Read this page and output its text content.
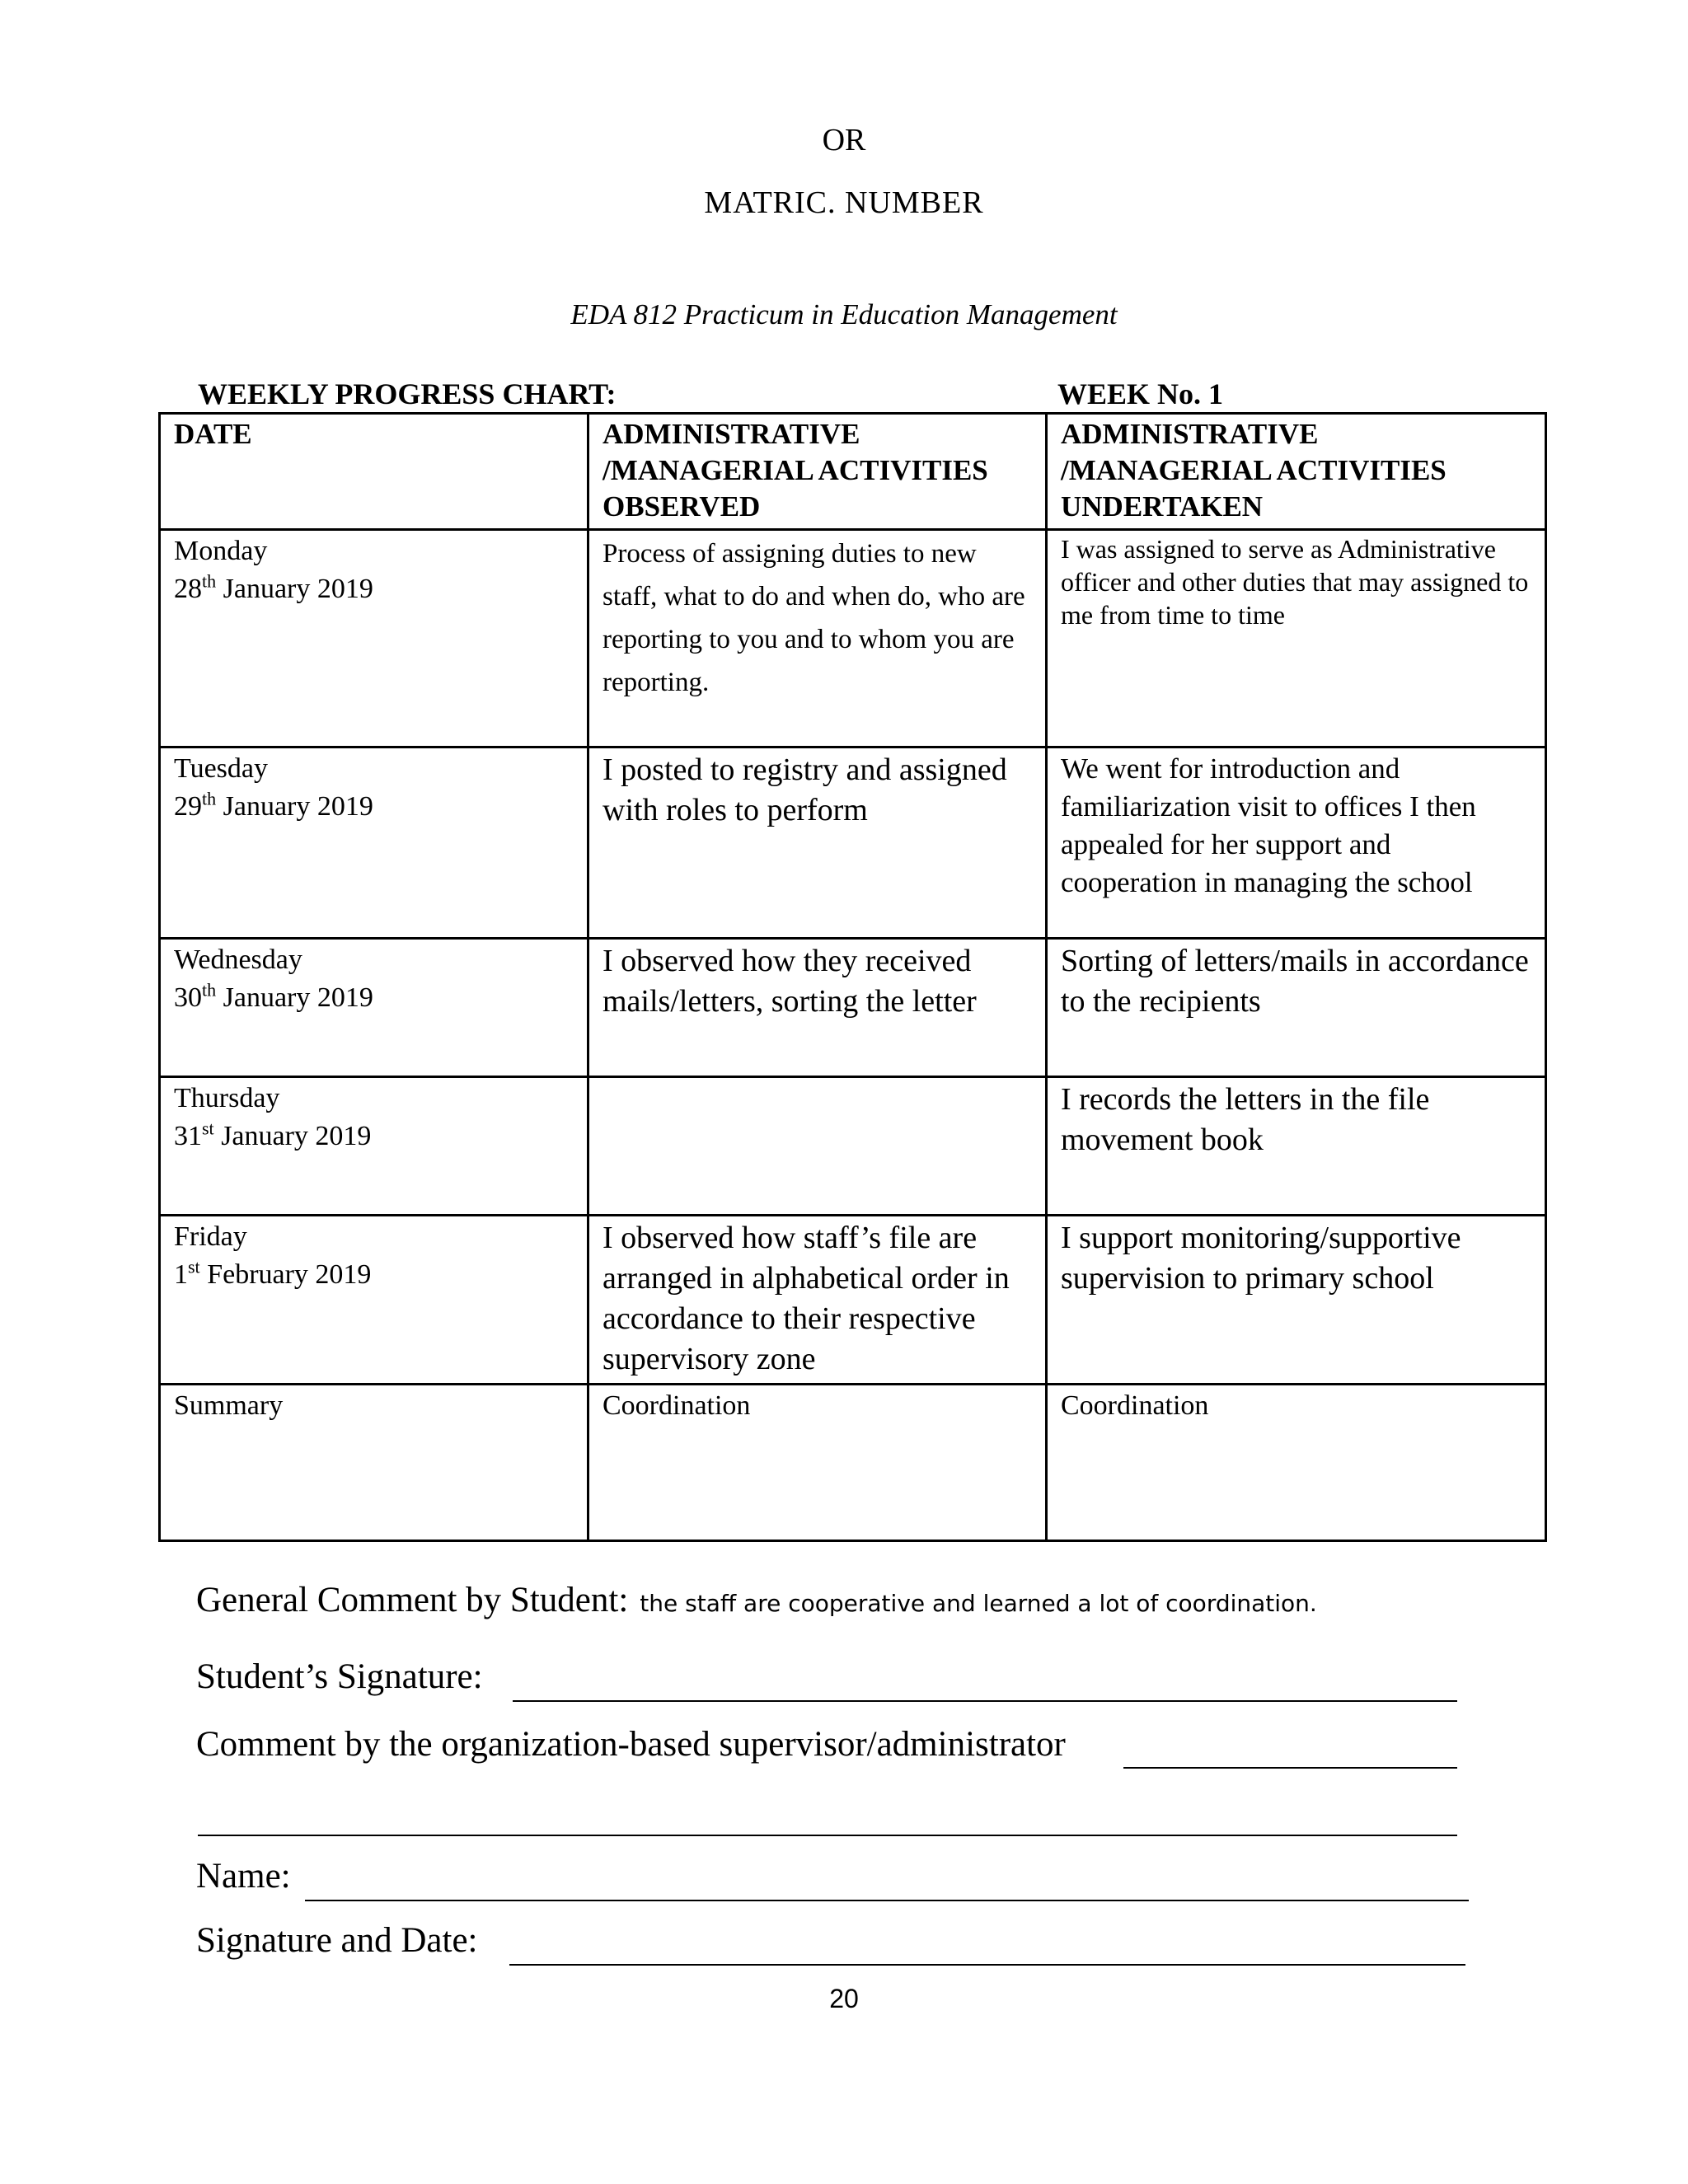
OR
MATRIC. NUMBER
EDA 812 Practicum in Education Management
WEEKLY PROGRESS CHART:	WEEK No. 1
DATE	ADMINISTRATIVE /MANAGERIAL ACTIVITIES OBSERVED	ADMINISTRATIVE /MANAGERIAL ACTIVITIES UNDERTAKEN

Monday
28th January 2019	Process of assigning duties to new staff, what to do and when do, who are reporting to you and to whom you are reporting.	I was assigned to serve as Administrative officer and other duties that may assigned to me from time to time

Tuesday
29th January 2019	I posted to registry and assigned with roles to perform	We went for introduction and familiarization visit to offices I then appealed for her support and cooperation in managing the school

Wednesday
30th January 2019	I observed how they received mails/letters, sorting the letter	Sorting of letters/mails in accordance to the recipients

Thursday
31st January 2019		I records the letters in the file movement book

Friday
1st February 2019	I observed how staff’s file are arranged in alphabetical order in accordance to their respective supervisory zone	I support monitoring/supportive supervision to primary school
Summary	Coordination	Coordination
General Comment by Student: the staff are cooperative and learned a lot of coordination.
Student’s Signature:
Comment by the organization-based supervisor/administrator
Name:
Signature and Date:
20
